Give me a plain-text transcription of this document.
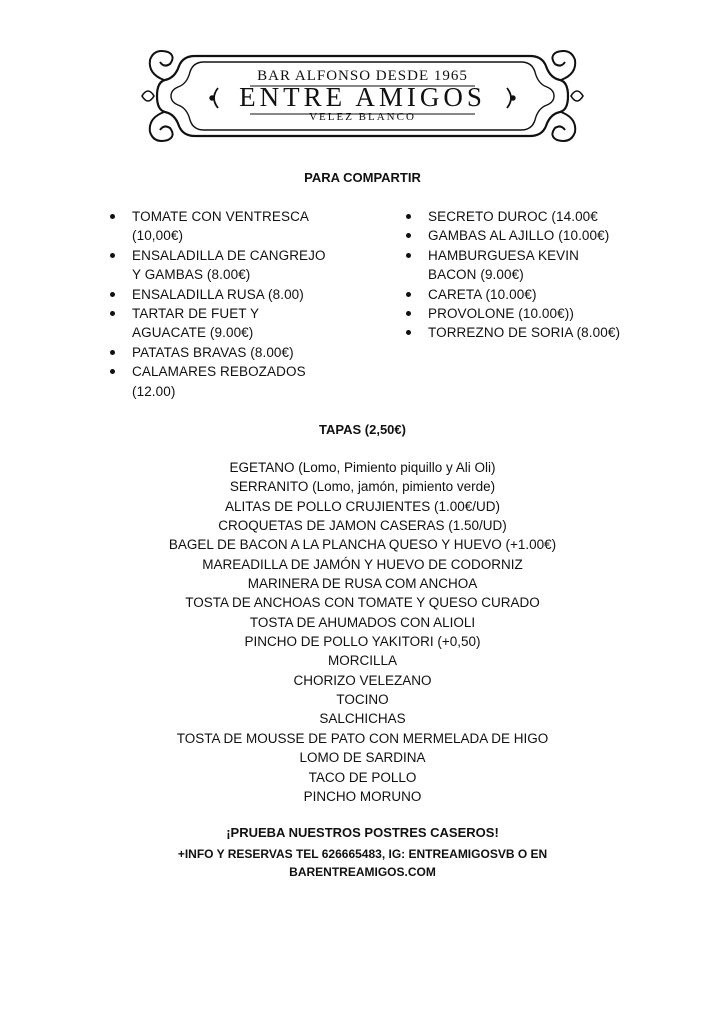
BAR ALFONSO DESDE 1965
ENTRE AMIGOS
VELEZ BLANCO
PARA COMPARTIR
TOMATE CON VENTRESCA
(10,00€)
ENSALADILLA DE CANGREJO
Y GAMBAS (8.00€)
ENSALADILLA RUSA (8.00)
TARTAR DE FUET Y
AGUACATE (9.00€)
PATATAS BRAVAS (8.00€)
CALAMARES REBOZADOS
(12.00)
SECRETO DUROC (14.00€
GAMBAS AL AJILLO (10.00€)
HAMBURGUESA KEVIN
BACON (9.00€)
CARETA (10.00€)
PROVOLONE (10.00€))
TORREZNO DE SORIA (8.00€)
TAPAS (2,50€)
EGETANO (Lomo, Pimiento piquillo y Ali Oli)
SERRANITO (Lomo, jamón, pimiento verde)
ALITAS DE POLLO CRUJIENTES (1.00€/UD)
CROQUETAS DE JAMON CASERAS (1.50/UD)
BAGEL DE BACON A LA PLANCHA QUESO Y HUEVO (+1.00€)
MAREADILLA DE JAMÓN Y HUEVO DE CODORNIZ
MARINERA DE RUSA COM ANCHOA
TOSTA DE ANCHOAS CON TOMATE Y QUESO CURADO
TOSTA DE AHUMADOS CON ALIOLI
PINCHO DE POLLO YAKITORI (+0,50)
MORCILLA
CHORIZO VELEZANO
TOCINO
SALCHICHAS
TOSTA DE MOUSSE DE PATO CON MERMELADA DE HIGO
LOMO DE SARDINA
TACO DE POLLO
PINCHO MORUNO
¡PRUEBA NUESTROS POSTRES CASEROS!
+INFO Y RESERVAS TEL 626665483, IG: ENTREAMIGOSVB O EN
BARENTREAMIGOS.COM
